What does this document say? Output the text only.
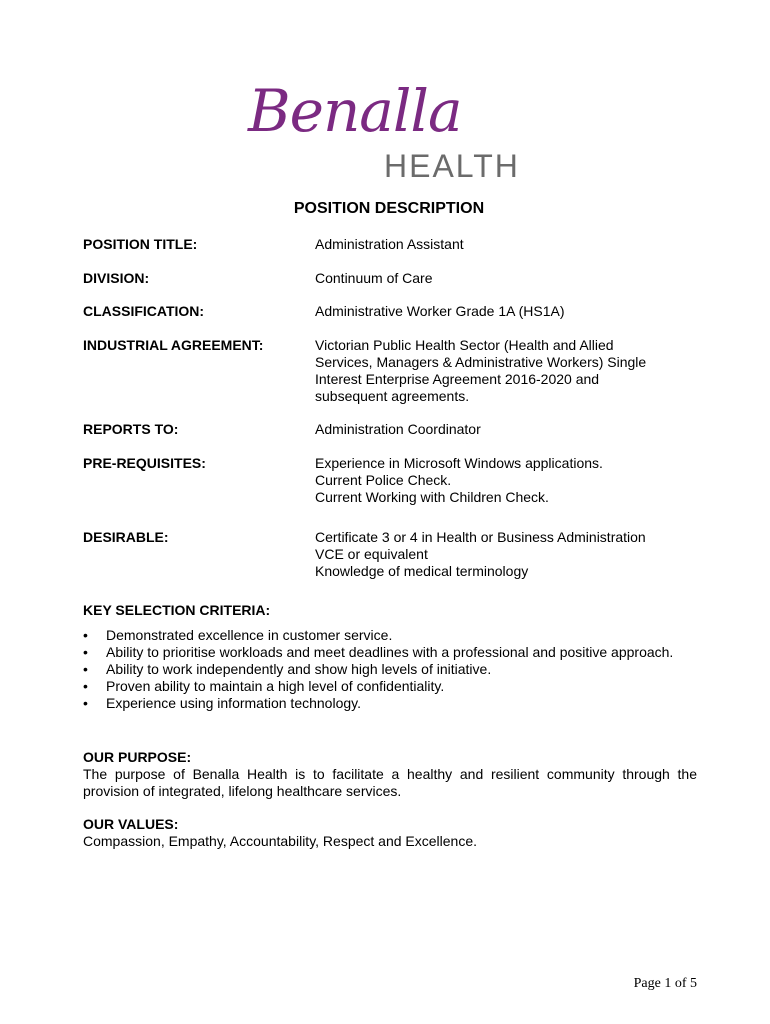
Benalla
HEALTH
POSITION DESCRIPTION
POSITION TITLE:	Administration Assistant
DIVISION:	Continuum of Care
CLASSIFICATION:	Administrative Worker Grade 1A (HS1A)
INDUSTRIAL AGREEMENT:	Victorian Public Health Sector (Health and Allied
Services, Managers & Administrative Workers) Single
Interest Enterprise Agreement 2016-2020 and
subsequent agreements.
REPORTS TO:	Administration Coordinator
PRE-REQUISITES:	Experience in Microsoft Windows applications.
Current Police Check.
Current Working with Children Check.
DESIRABLE:	Certificate 3 or 4 in Health or Business Administration
VCE or equivalent
Knowledge of medical terminology
KEY SELECTION CRITERIA:
• Demonstrated excellence in customer service.
• Ability to prioritise workloads and meet deadlines with a professional and positive approach.
• Ability to work independently and show high levels of initiative.
• Proven ability to maintain a high level of confidentiality.
• Experience using information technology.
OUR PURPOSE:
The purpose of Benalla Health is to facilitate a healthy and resilient community through the provision of integrated, lifelong healthcare services.
OUR VALUES:
Compassion, Empathy, Accountability, Respect and Excellence.
Page 1 of 5
